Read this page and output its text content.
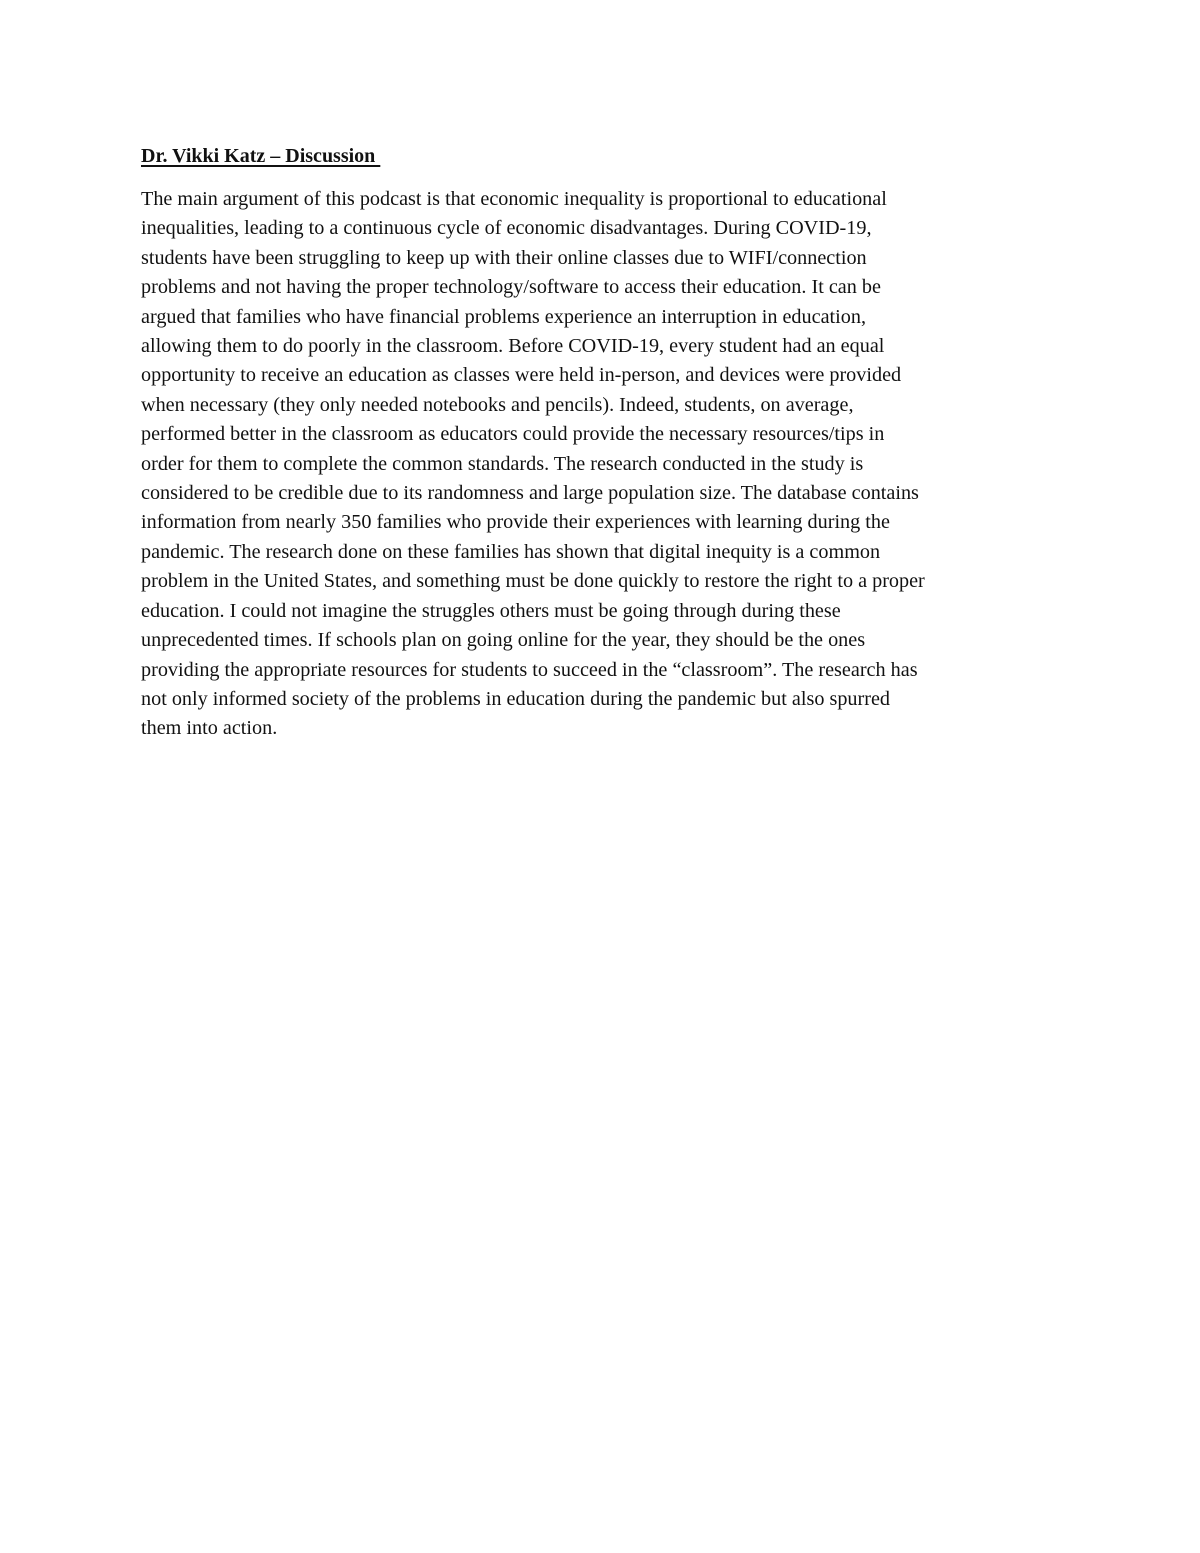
Dr. Vikki Katz – Discussion
The main argument of this podcast is that economic inequality is proportional to educational
inequalities, leading to a continuous cycle of economic disadvantages. During COVID-19,
students have been struggling to keep up with their online classes due to WIFI/connection
problems and not having the proper technology/software to access their education. It can be
argued that families who have financial problems experience an interruption in education,
allowing them to do poorly in the classroom. Before COVID-19, every student had an equal
opportunity to receive an education as classes were held in-person, and devices were provided
when necessary (they only needed notebooks and pencils). Indeed, students, on average,
performed better in the classroom as educators could provide the necessary resources/tips in
order for them to complete the common standards. The research conducted in the study is
considered to be credible due to its randomness and large population size. The database contains
information from nearly 350 families who provide their experiences with learning during the
pandemic. The research done on these families has shown that digital inequity is a common
problem in the United States, and something must be done quickly to restore the right to a proper
education. I could not imagine the struggles others must be going through during these
unprecedented times. If schools plan on going online for the year, they should be the ones
providing the appropriate resources for students to succeed in the “classroom”. The research has
not only informed society of the problems in education during the pandemic but also spurred
them into action.
